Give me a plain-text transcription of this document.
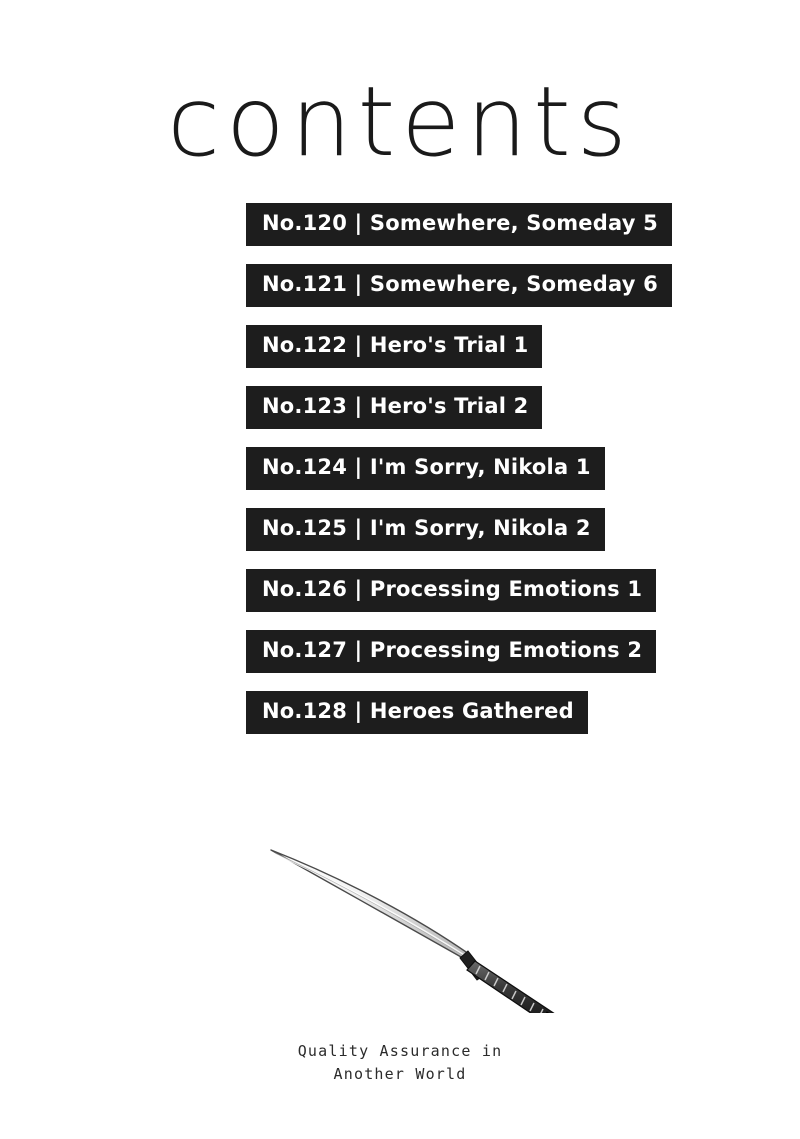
contents
No.120 | Somewhere, Someday 5
No.121 | Somewhere, Someday 6
No.122 | Hero's Trial 1
No.123 | Hero's Trial 2
No.124 | I'm Sorry, Nikola 1
No.125 | I'm Sorry, Nikola 2
No.126 | Processing Emotions 1
No.127 | Processing Emotions 2
No.128 | Heroes Gathered
Quality Assurance in
Another World
